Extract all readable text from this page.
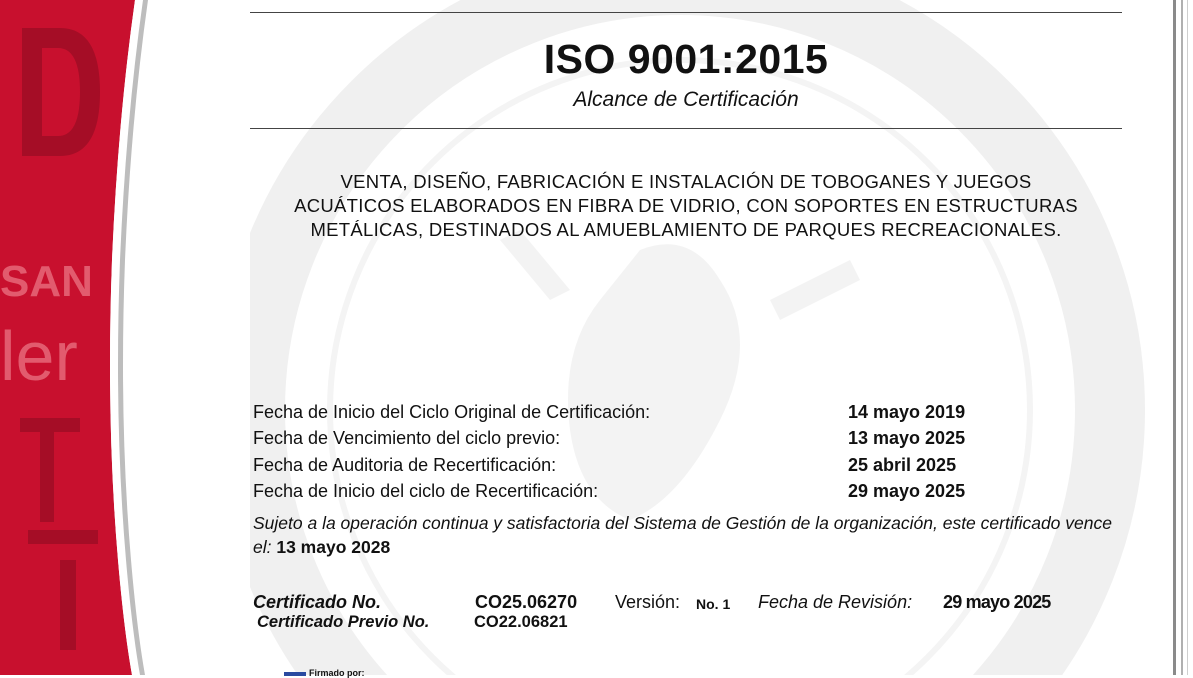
SAN
ler
ISO 9001:2015
Alcance de Certificación
VENTA, DISEÑO, FABRICACIÓN E INSTALACIÓN DE TOBOGANES Y JUEGOS
ACUÁTICOS ELABORADOS EN FIBRA DE VIDRIO, CON SOPORTES EN ESTRUCTURAS
METÁLICAS, DESTINADOS AL AMUEBLAMIENTO DE PARQUES RECREACIONALES.
Fecha de Inicio del Ciclo Original de Certificación:	14 mayo 2019
Fecha de Vencimiento del ciclo previo:	13 mayo 2025
Fecha de Auditoria de Recertificación:	25 abril 2025
Fecha de Inicio del ciclo de Recertificación:	29 mayo 2025
Sujeto a la operación continua y satisfactoria del Sistema de Gestión de la organización, este certificado vence el: 13 mayo 2028
Certificado No.	CO25.06270 Versión: No. 1 Fecha de Revisión: 29 mayo 2025
Certificado Previo No.	CO22.06821
Firmado por:
